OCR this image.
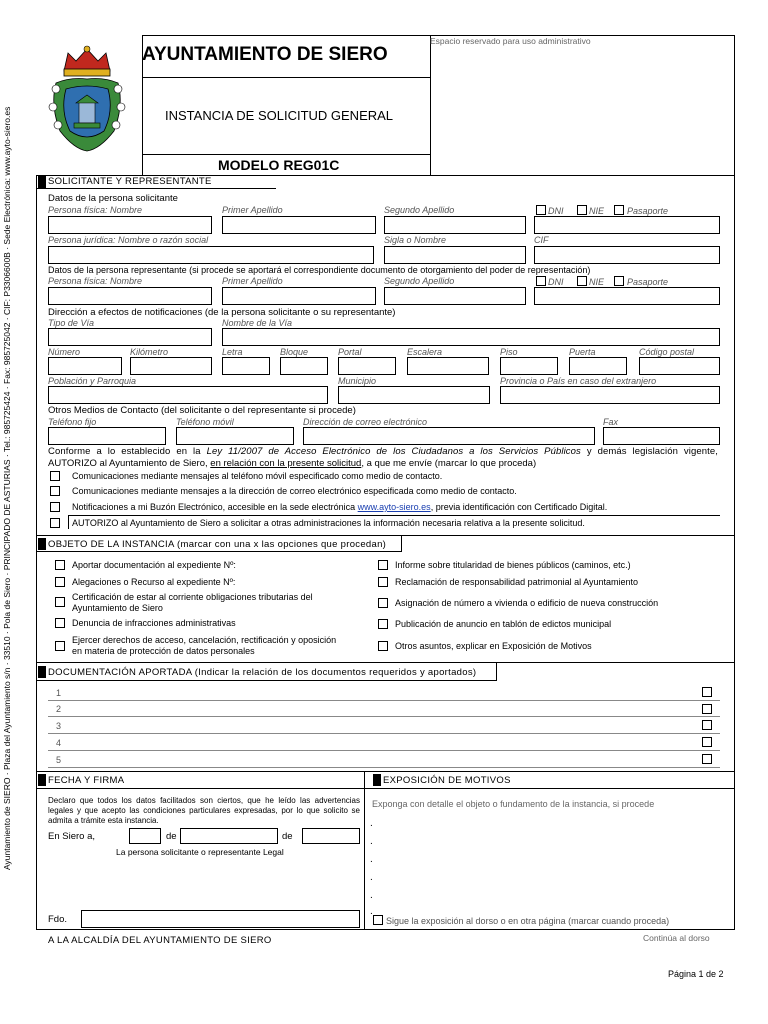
Ayuntamiento de SIERO · Plaza del Ayuntamiento s/n · 33510 · Pola de Siero · PRINCIPADO DE ASTURIAS · Tel.: 985725424 · Fax: 985725042 · CIF: P3306600B · Sede Electrónica: www.ayto-siero.es
AYUNTAMIENTO DE SIERO
INSTANCIA DE SOLICITUD GENERAL
MODELO REG01C
Espacio reservado para uso administrativo
SOLICITANTE Y REPRESENTANTE
Datos de la persona solicitante
Persona física: Nombre	Primer Apellido	Segundo Apellido	DNI	NIE	Pasaporte
Persona jurídica: Nombre o razón social	Sigla o Nombre	CIF
Datos de la persona representante (si procede se aportará el correspondiente documento de otorgamiento del poder de representación)
Persona física: Nombre	Primer Apellido	Segundo Apellido	DNI	NIE	Pasaporte
Dirección a efectos de notificaciones (de la persona solicitante o su representante)
Tipo de Vía	Nombre de la Vía
Número	Kilómetro	Letra	Bloque	Portal	Escalera	Piso	Puerta	Código postal
Población y Parroquia	Municipio	Provincia o País en caso del extranjero
Otros Medios de Contacto (del solicitante o del representante si procede)
Teléfono fijo	Teléfono móvil	Dirección de correo electrónico	Fax
Conforme a lo establecido en la Ley 11/2007 de Acceso Electrónico de los Ciudadanos a los Servicios Públicos y demás legislación vigente,
AUTORIZO al Ayuntamiento de Siero, en relación con la presente solicitud, a que me envíe (marcar lo que proceda)
Comunicaciones mediante mensajes al teléfono móvil especificado como medio de contacto.
Comunicaciones mediante mensajes a la dirección de correo electrónico especificada como medio de contacto.
Notificaciones a mi Buzón Electrónico, accesible en la sede electrónica www.ayto-siero.es, previa identificación con Certificado Digital.
AUTORIZO al Ayuntamiento de Siero a solicitar a otras administraciones la información necesaria relativa a la presente solicitud.
OBJETO DE LA INSTANCIA (marcar con una x las opciones que procedan)
Aportar documentación al expediente Nº:
Alegaciones o Recurso al expediente Nº:
Certificación de estar al corriente obligaciones tributarias del Ayuntamiento de Siero
Denuncia de infracciones administrativas
Ejercer derechos de acceso, cancelación, rectificación y oposición en materia de protección de datos personales
Informe sobre titularidad de bienes públicos (caminos, etc.)
Reclamación de responsabilidad patrimonial al Ayuntamiento
Asignación de número a vivienda o edificio de nueva construcción
Publicación de anuncio en tablón de edictos municipal
Otros asuntos, explicar en Exposición de Motivos
DOCUMENTACIÓN APORTADA (Indicar la relación de los documentos requeridos y aportados)
1
2
3
4
5
FECHA Y FIRMA
Declaro que todos los datos facilitados son ciertos, que he leído las advertencias legales y que acepto las condiciones particulares expresadas, por lo que solicito se admita a trámite esta instancia.
En Siero a,	de	de
La persona solicitante o representante Legal
Fdo.
EXPOSICIÓN DE MOTIVOS
Exponga con detalle el objeto o fundamento de la instancia, si procede
.
.
.
.
.
.
Sigue la exposición al dorso o en otra página (marcar cuando proceda)
A LA ALCALDÍA DEL AYUNTAMIENTO DE SIERO	Continúa al dorso
Página 1 de 2
